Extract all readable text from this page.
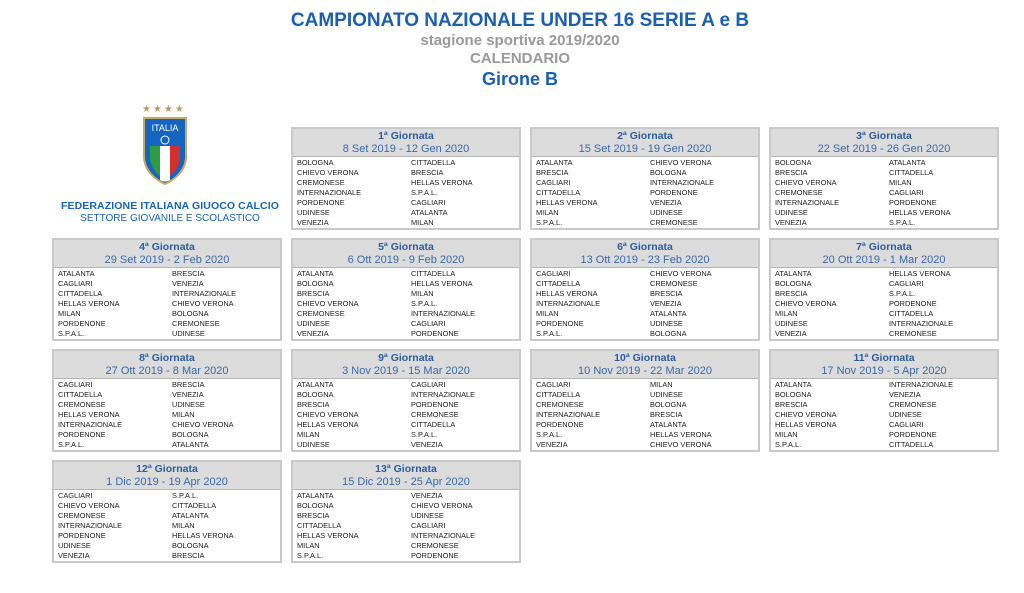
CAMPIONATO NAZIONALE UNDER 16 SERIE A e B
stagione sportiva 2019/2020
CALENDARIO
Girone B
★★★★
ITALIA
FEDERAZIONE ITALIANA GIUOCO CALCIO
SETTORE GIOVANILE E SCOLASTICO
1ª Giornata
8 Set 2019 - 12 Gen 2020
BOLOGNA	CITTADELLA
CHIEVO VERONA	BRESCIA
CREMONESE	HELLAS VERONA
INTERNAZIONALE	S.P.A.L.
PORDENONE	CAGLIARI
UDINESE	ATALANTA
VENEZIA	MILAN
2ª Giornata
15 Set 2019 - 19 Gen 2020
ATALANTA	CHIEVO VERONA
BRESCIA	BOLOGNA
CAGLIARI	INTERNAZIONALE
CITTADELLA	PORDENONE
HELLAS VERONA	VENEZIA
MILAN	UDINESE
S.P.A.L.	CREMONESE
3ª Giornata
22 Set 2019 - 26 Gen 2020
BOLOGNA	ATALANTA
BRESCIA	CITTADELLA
CHIEVO VERONA	MILAN
CREMONESE	CAGLIARI
INTERNAZIONALE	PORDENONE
UDINESE	HELLAS VERONA
VENEZIA	S.P.A.L.
4ª Giornata
29 Set 2019 - 2 Feb 2020
ATALANTA	BRESCIA
CAGLIARI	VENEZIA
CITTADELLA	INTERNAZIONALE
HELLAS VERONA	CHIEVO VERONA
MILAN	BOLOGNA
PORDENONE	CREMONESE
S.P.A.L.	UDINESE
5ª Giornata
6 Ott 2019 - 9 Feb 2020
ATALANTA	CITTADELLA
BOLOGNA	HELLAS VERONA
BRESCIA	MILAN
CHIEVO VERONA	S.P.A.L.
CREMONESE	INTERNAZIONALE
UDINESE	CAGLIARI
VENEZIA	PORDENONE
6ª Giornata
13 Ott 2019 - 23 Feb 2020
CAGLIARI	CHIEVO VERONA
CITTADELLA	CREMONESE
HELLAS VERONA	BRESCIA
INTERNAZIONALE	VENEZIA
MILAN	ATALANTA
PORDENONE	UDINESE
S.P.A.L.	BOLOGNA
7ª Giornata
20 Ott 2019 - 1 Mar 2020
ATALANTA	HELLAS VERONA
BOLOGNA	CAGLIARI
BRESCIA	S.P.A.L.
CHIEVO VERONA	PORDENONE
MILAN	CITTADELLA
UDINESE	INTERNAZIONALE
VENEZIA	CREMONESE
8ª Giornata
27 Ott 2019 - 8 Mar 2020
CAGLIARI	BRESCIA
CITTADELLA	VENEZIA
CREMONESE	UDINESE
HELLAS VERONA	MILAN
INTERNAZIONALE	CHIEVO VERONA
PORDENONE	BOLOGNA
S.P.A.L.	ATALANTA
9ª Giornata
3 Nov 2019 - 15 Mar 2020
ATALANTA	CAGLIARI
BOLOGNA	INTERNAZIONALE
BRESCIA	PORDENONE
CHIEVO VERONA	CREMONESE
HELLAS VERONA	CITTADELLA
MILAN	S.P.A.L.
UDINESE	VENEZIA
10ª Giornata
10 Nov 2019 - 22 Mar 2020
CAGLIARI	MILAN
CITTADELLA	UDINESE
CREMONESE	BOLOGNA
INTERNAZIONALE	BRESCIA
PORDENONE	ATALANTA
S.P.A.L.	HELLAS VERONA
VENEZIA	CHIEVO VERONA
11ª Giornata
17 Nov 2019 - 5 Apr 2020
ATALANTA	INTERNAZIONALE
BOLOGNA	VENEZIA
BRESCIA	CREMONESE
CHIEVO VERONA	UDINESE
HELLAS VERONA	CAGLIARI
MILAN	PORDENONE
S.P.A.L.	CITTADELLA
12ª Giornata
1 Dic 2019 - 19 Apr 2020
CAGLIARI	S.P.A.L.
CHIEVO VERONA	CITTADELLA
CREMONESE	ATALANTA
INTERNAZIONALE	MILAN
PORDENONE	HELLAS VERONA
UDINESE	BOLOGNA
VENEZIA	BRESCIA
13ª Giornata
15 Dic 2019 - 25 Apr 2020
ATALANTA	VENEZIA
BOLOGNA	CHIEVO VERONA
BRESCIA	UDINESE
CITTADELLA	CAGLIARI
HELLAS VERONA	INTERNAZIONALE
MILAN	CREMONESE
S.P.A.L.	PORDENONE
